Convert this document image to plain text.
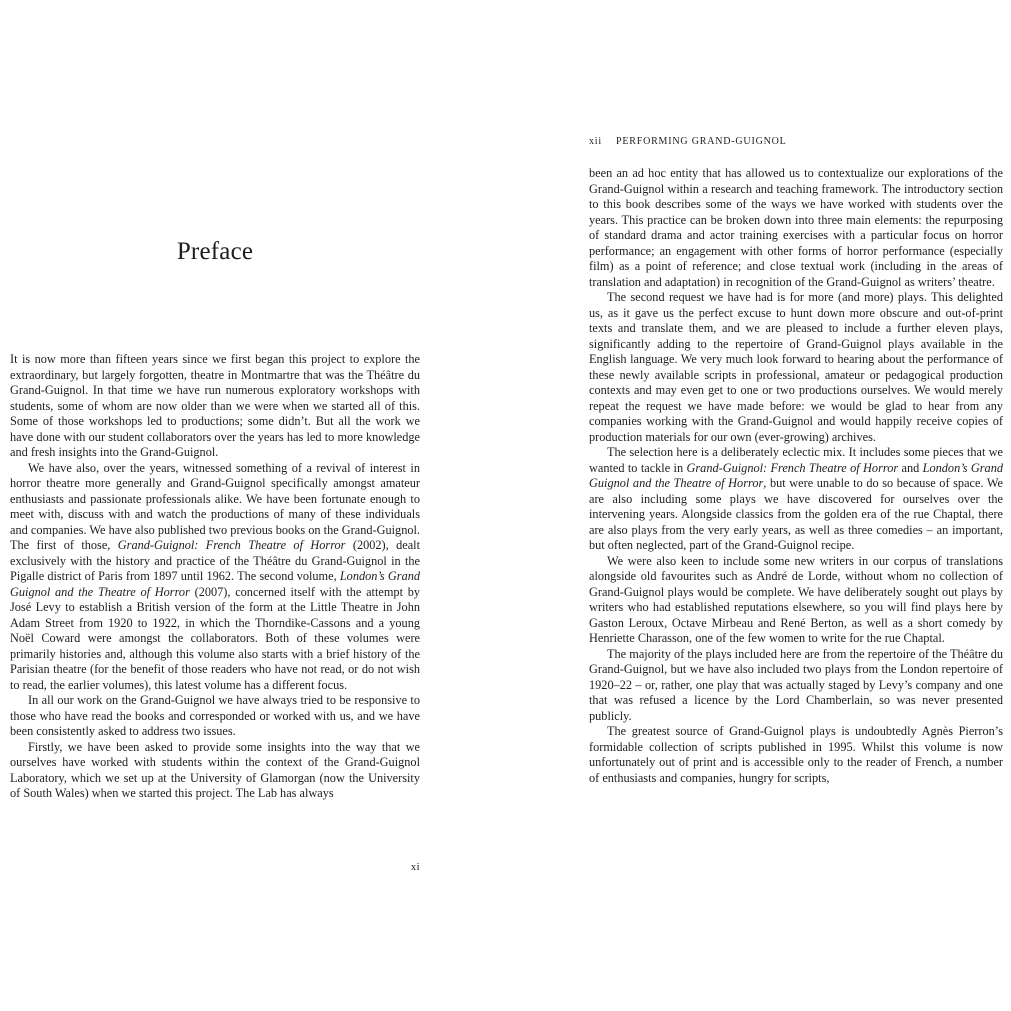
Preface

It is now more than fifteen years since we first began this project to explore the extraordinary, but largely forgotten, theatre in Montmartre that was the Théâtre du Grand-Guignol. In that time we have run numerous exploratory workshops with students, some of whom are now older than we were when we started all of this. Some of those workshops led to productions; some didn’t. But all the work we have done with our student collaborators over the years has led to more knowledge and fresh insights into the Grand-Guignol.

We have also, over the years, witnessed something of a revival of interest in horror theatre more generally and Grand-Guignol specifically amongst amateur enthusiasts and passionate professionals alike. We have been fortunate enough to meet with, discuss with and watch the productions of many of these individuals and companies. We have also published two previous books on the Grand-Guignol. The first of those, Grand-Guignol: French Theatre of Horror (2002), dealt exclusively with the history and practice of the Théâtre du Grand-Guignol in the Pigalle district of Paris from 1897 until 1962. The second volume, London’s Grand Guignol and the Theatre of Horror (2007), concerned itself with the attempt by José Levy to establish a British version of the form at the Little Theatre in John Adam Street from 1920 to 1922, in which the Thorndike-Cassons and a young Noël Coward were amongst the collaborators. Both of these volumes were primarily histories and, although this volume also starts with a brief history of the Parisian theatre (for the benefit of those readers who have not read, or do not wish to read, the earlier volumes), this latest volume has a different focus.

In all our work on the Grand-Guignol we have always tried to be responsive to those who have read the books and corresponded or worked with us, and we have been consistently asked to address two issues.

Firstly, we have been asked to provide some insights into the way that we ourselves have worked with students within the context of the Grand-Guignol Laboratory, which we set up at the University of Glamorgan (now the University of South Wales) when we started this project. The Lab has always

xi
xii PERFORMING GRAND-GUIGNOL

been an ad hoc entity that has allowed us to contextualize our explorations of the Grand-Guignol within a research and teaching framework. The introductory section to this book describes some of the ways we have worked with students over the years. This practice can be broken down into three main elements: the repurposing of standard drama and actor training exercises with a particular focus on horror performance; an engagement with other forms of horror performance (especially film) as a point of reference; and close textual work (including in the areas of translation and adaptation) in recognition of the Grand-Guignol as writers’ theatre.

The second request we have had is for more (and more) plays. This delighted us, as it gave us the perfect excuse to hunt down more obscure and out-of-print texts and translate them, and we are pleased to include a further eleven plays, significantly adding to the repertoire of Grand-Guignol plays available in the English language. We very much look forward to hearing about the performance of these newly available scripts in professional, amateur or pedagogical production contexts and may even get to one or two productions ourselves. We would merely repeat the request we have made before: we would be glad to hear from any companies working with the Grand-Guignol and would happily receive copies of production materials for our own (ever-growing) archives.

The selection here is a deliberately eclectic mix. It includes some pieces that we wanted to tackle in Grand-Guignol: French Theatre of Horror and London’s Grand Guignol and the Theatre of Horror, but were unable to do so because of space. We are also including some plays we have discovered for ourselves over the intervening years. Alongside classics from the golden era of the rue Chaptal, there are also plays from the very early years, as well as three comedies – an important, but often neglected, part of the Grand-Guignol recipe.

We were also keen to include some new writers in our corpus of translations alongside old favourites such as André de Lorde, without whom no collection of Grand-Guignol plays would be complete. We have deliberately sought out plays by writers who had established reputations elsewhere, so you will find plays here by Gaston Leroux, Octave Mirbeau and René Berton, as well as a short comedy by Henriette Charasson, one of the few women to write for the rue Chaptal.

The majority of the plays included here are from the repertoire of the Théâtre du Grand-Guignol, but we have also included two plays from the London repertoire of 1920–22 – or, rather, one play that was actually staged by Levy’s company and one that was refused a licence by the Lord Chamberlain, so was never presented publicly.

The greatest source of Grand-Guignol plays is undoubtedly Agnès Pierron’s formidable collection of scripts published in 1995. Whilst this volume is now unfortunately out of print and is accessible only to the reader of French, a number of enthusiasts and companies, hungry for scripts,
